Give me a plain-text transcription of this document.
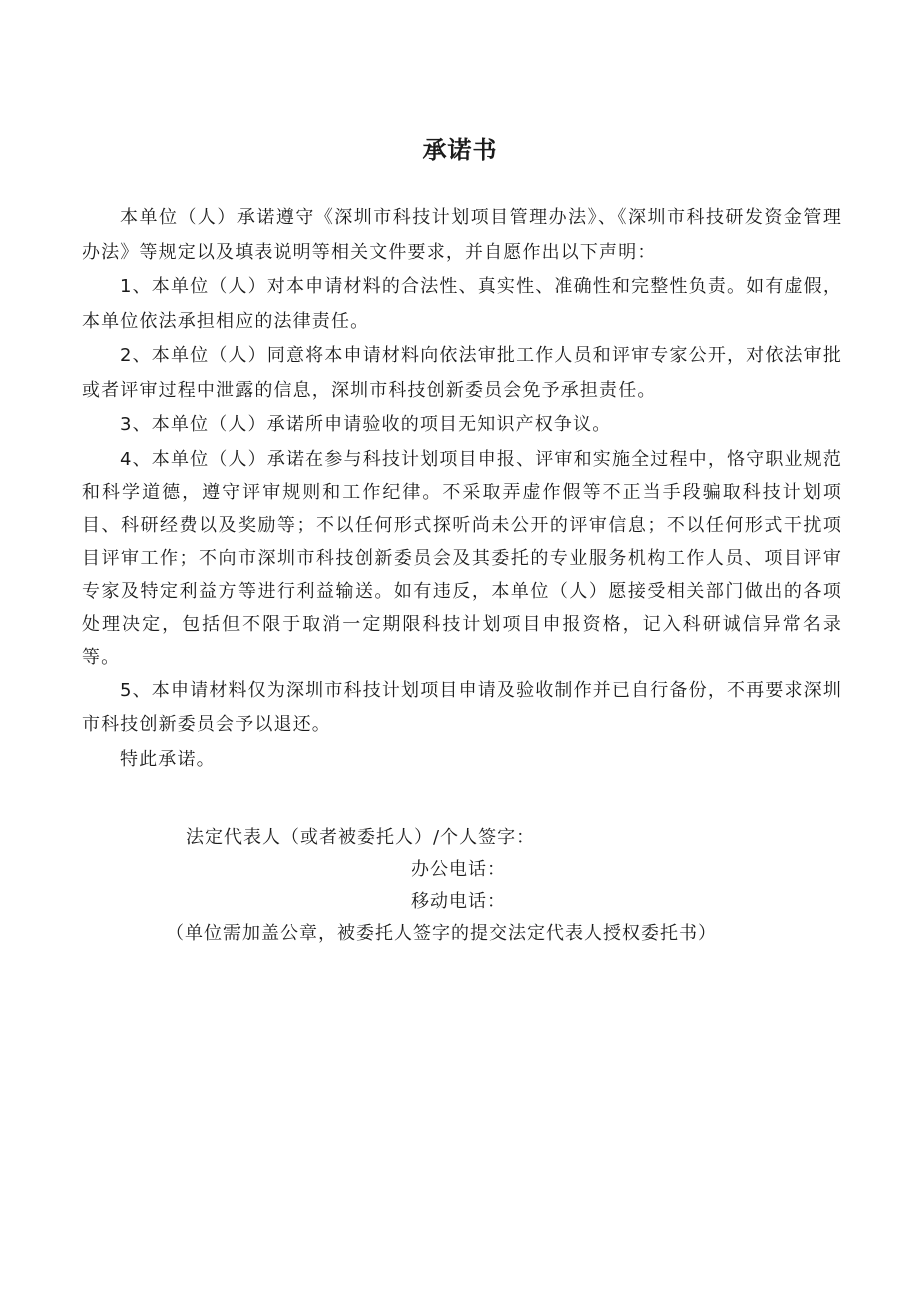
承诺书

本单位（人）承诺遵守《深圳市科技计划项目管理办法》、《深圳市科技研发资金管理办法》等规定以及填表说明等相关文件要求，并自愿作出以下声明：

1、本单位（人）对本申请材料的合法性、真实性、准确性和完整性负责。如有虚假，本单位依法承担相应的法律责任。

2、本单位（人）同意将本申请材料向依法审批工作人员和评审专家公开，对依法审批或者评审过程中泄露的信息，深圳市科技创新委员会免予承担责任。

3、本单位（人）承诺所申请验收的项目无知识产权争议。

4、本单位（人）承诺在参与科技计划项目申报、评审和实施全过程中，恪守职业规范和科学道德，遵守评审规则和工作纪律。不采取弄虚作假等不正当手段骗取科技计划项目、科研经费以及奖励等；不以任何形式探听尚未公开的评审信息；不以任何形式干扰项目评审工作；不向市深圳市科技创新委员会及其委托的专业服务机构工作人员、项目评审专家及特定利益方等进行利益输送。如有违反，本单位（人）愿接受相关部门做出的各项处理决定，包括但不限于取消一定期限科技计划项目申报资格，记入科研诚信异常名录等。

5、本申请材料仅为深圳市科技计划项目申请及验收制作并已自行备份，不再要求深圳市科技创新委员会予以退还。

特此承诺。

法定代表人（或者被委托人）/个人签字：
办公电话：
移动电话：
（单位需加盖公章，被委托人签字的提交法定代表人授权委托书）
